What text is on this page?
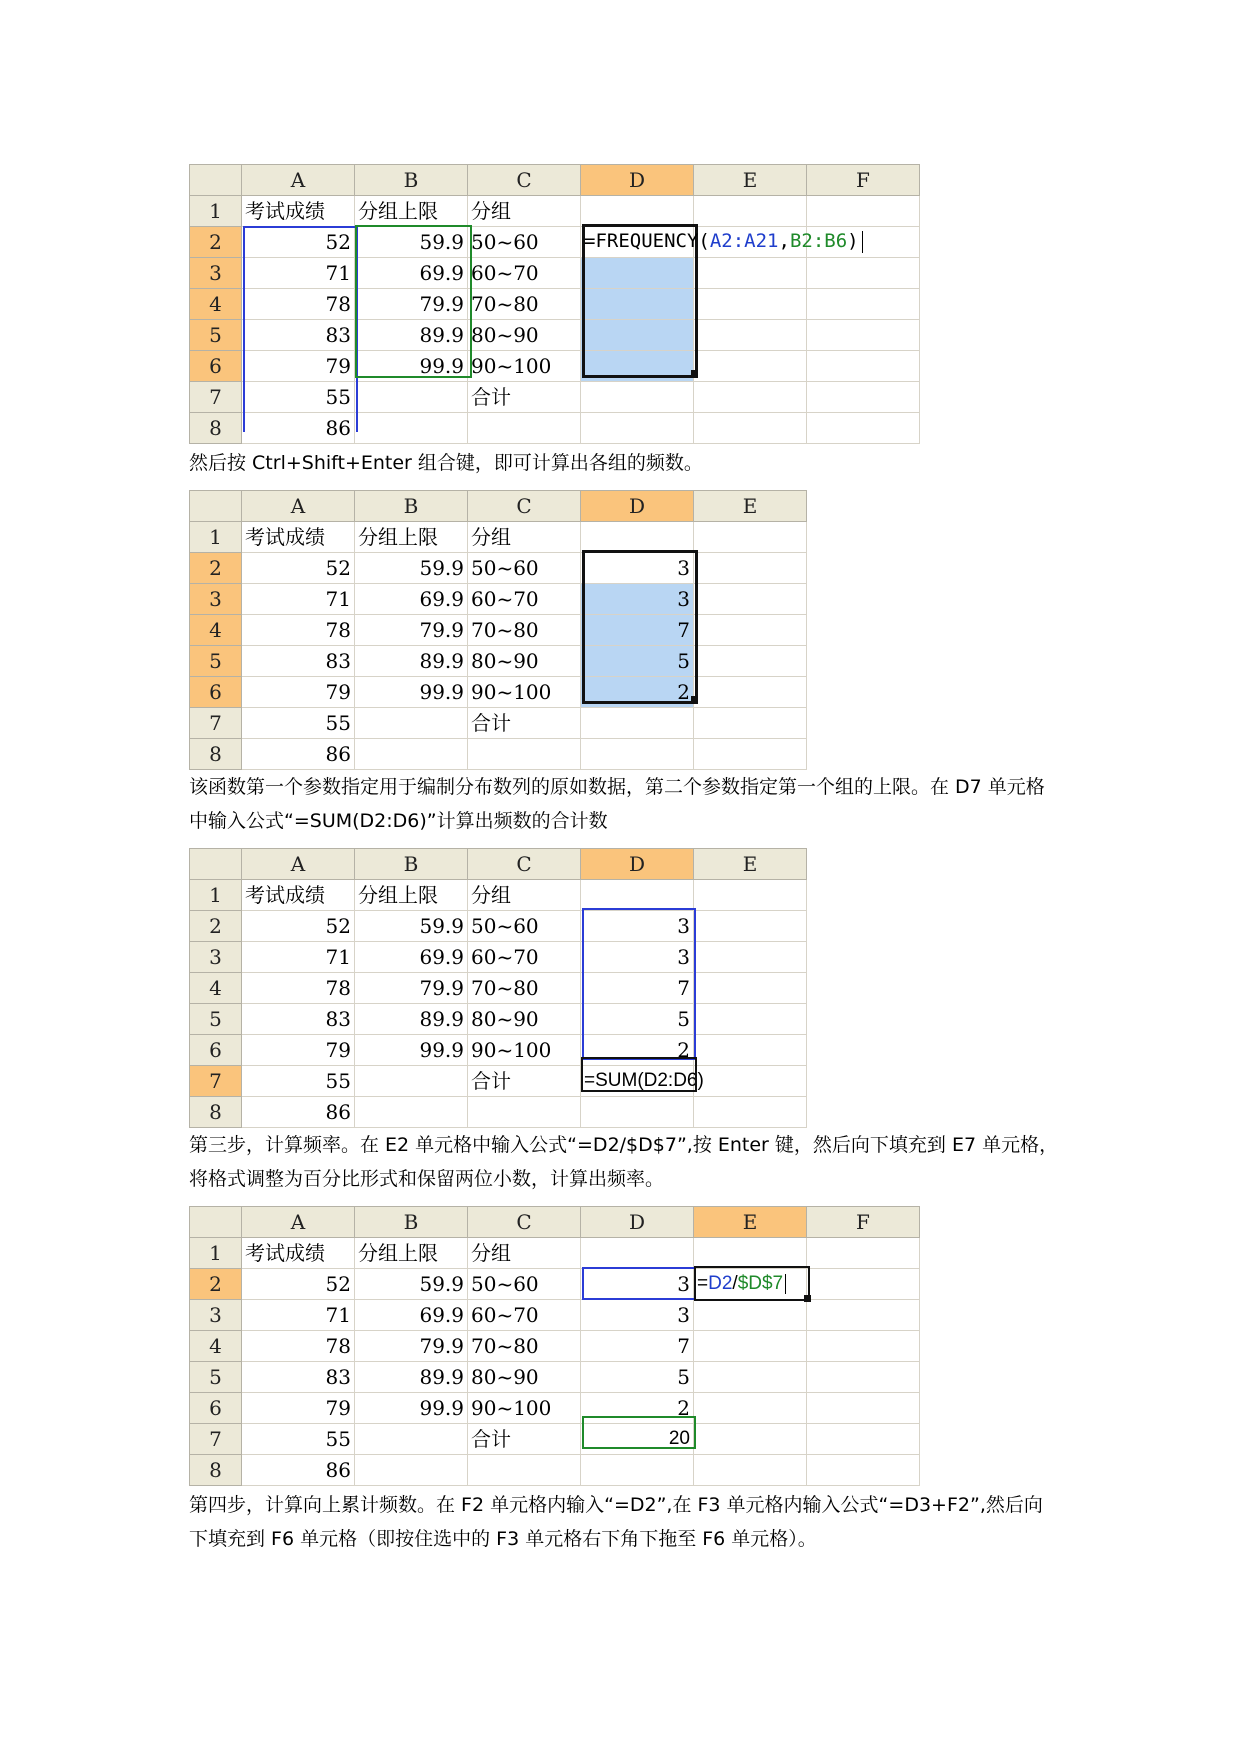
	A	B	C	D	E	F
1	考试成绩	分组上限	分组			
2	52	59.9	50~60	=FREQUENCY(A2:A21,B2:B6)		

3	71	69.9	60~70			
4	78	79.9	70~80			
5	83	89.9	80~90			
6	79	99.9	90~100			
7	55		合计			
8	86					
然后按 Ctrl+Shift+Enter 组合键，即可计算出各组的频数。
	A	B	C	D	E
1	考试成绩	分组上限	分组		
2	52	59.9	50~60	3	
3	71	69.9	60~70	3	
4	78	79.9	70~80	7	
5	83	89.9	80~90	5	
6	79	99.9	90~100	2	
7	55		合计		
8	86				
该函数第一个参数指定用于编制分布数列的原如数据，第二个参数指定第一个组的上限。在 D7 单元格中输入公式“=SUM(D2:D6)”计算出频数的合计数
	A	B	C	D	E
1	考试成绩	分组上限	分组		
2	52	59.9	50~60	3	
3	71	69.9	60~70	3	
4	78	79.9	70~80	7	
5	83	89.9	80~90	5	
6	79	99.9	90~100	2	
7	55		合计	=SUM(D2:D6)	
8	86				
第三步，计算频率。在 E2 单元格中输入公式“=D2/$D$7”,按 Enter 键，然后向下填充到 E7 单元格，将格式调整为百分比形式和保留两位小数，计算出频率。
	A	B	C	D	E	F
1	考试成绩	分组上限	分组			
2	52	59.9	50~60	3	=D2/$D$7	
3	71	69.9	60~70	3		
4	78	79.9	70~80	7		
5	83	89.9	80~90	5		
6	79	99.9	90~100	2		
7	55		合计	20		
8	86					
第四步，计算向上累计频数。在 F2 单元格内输入“=D2”,在 F3 单元格内输入公式“=D3+F2”,然后向下填充到 F6 单元格（即按住选中的 F3 单元格右下角下拖至 F6 单元格）。
